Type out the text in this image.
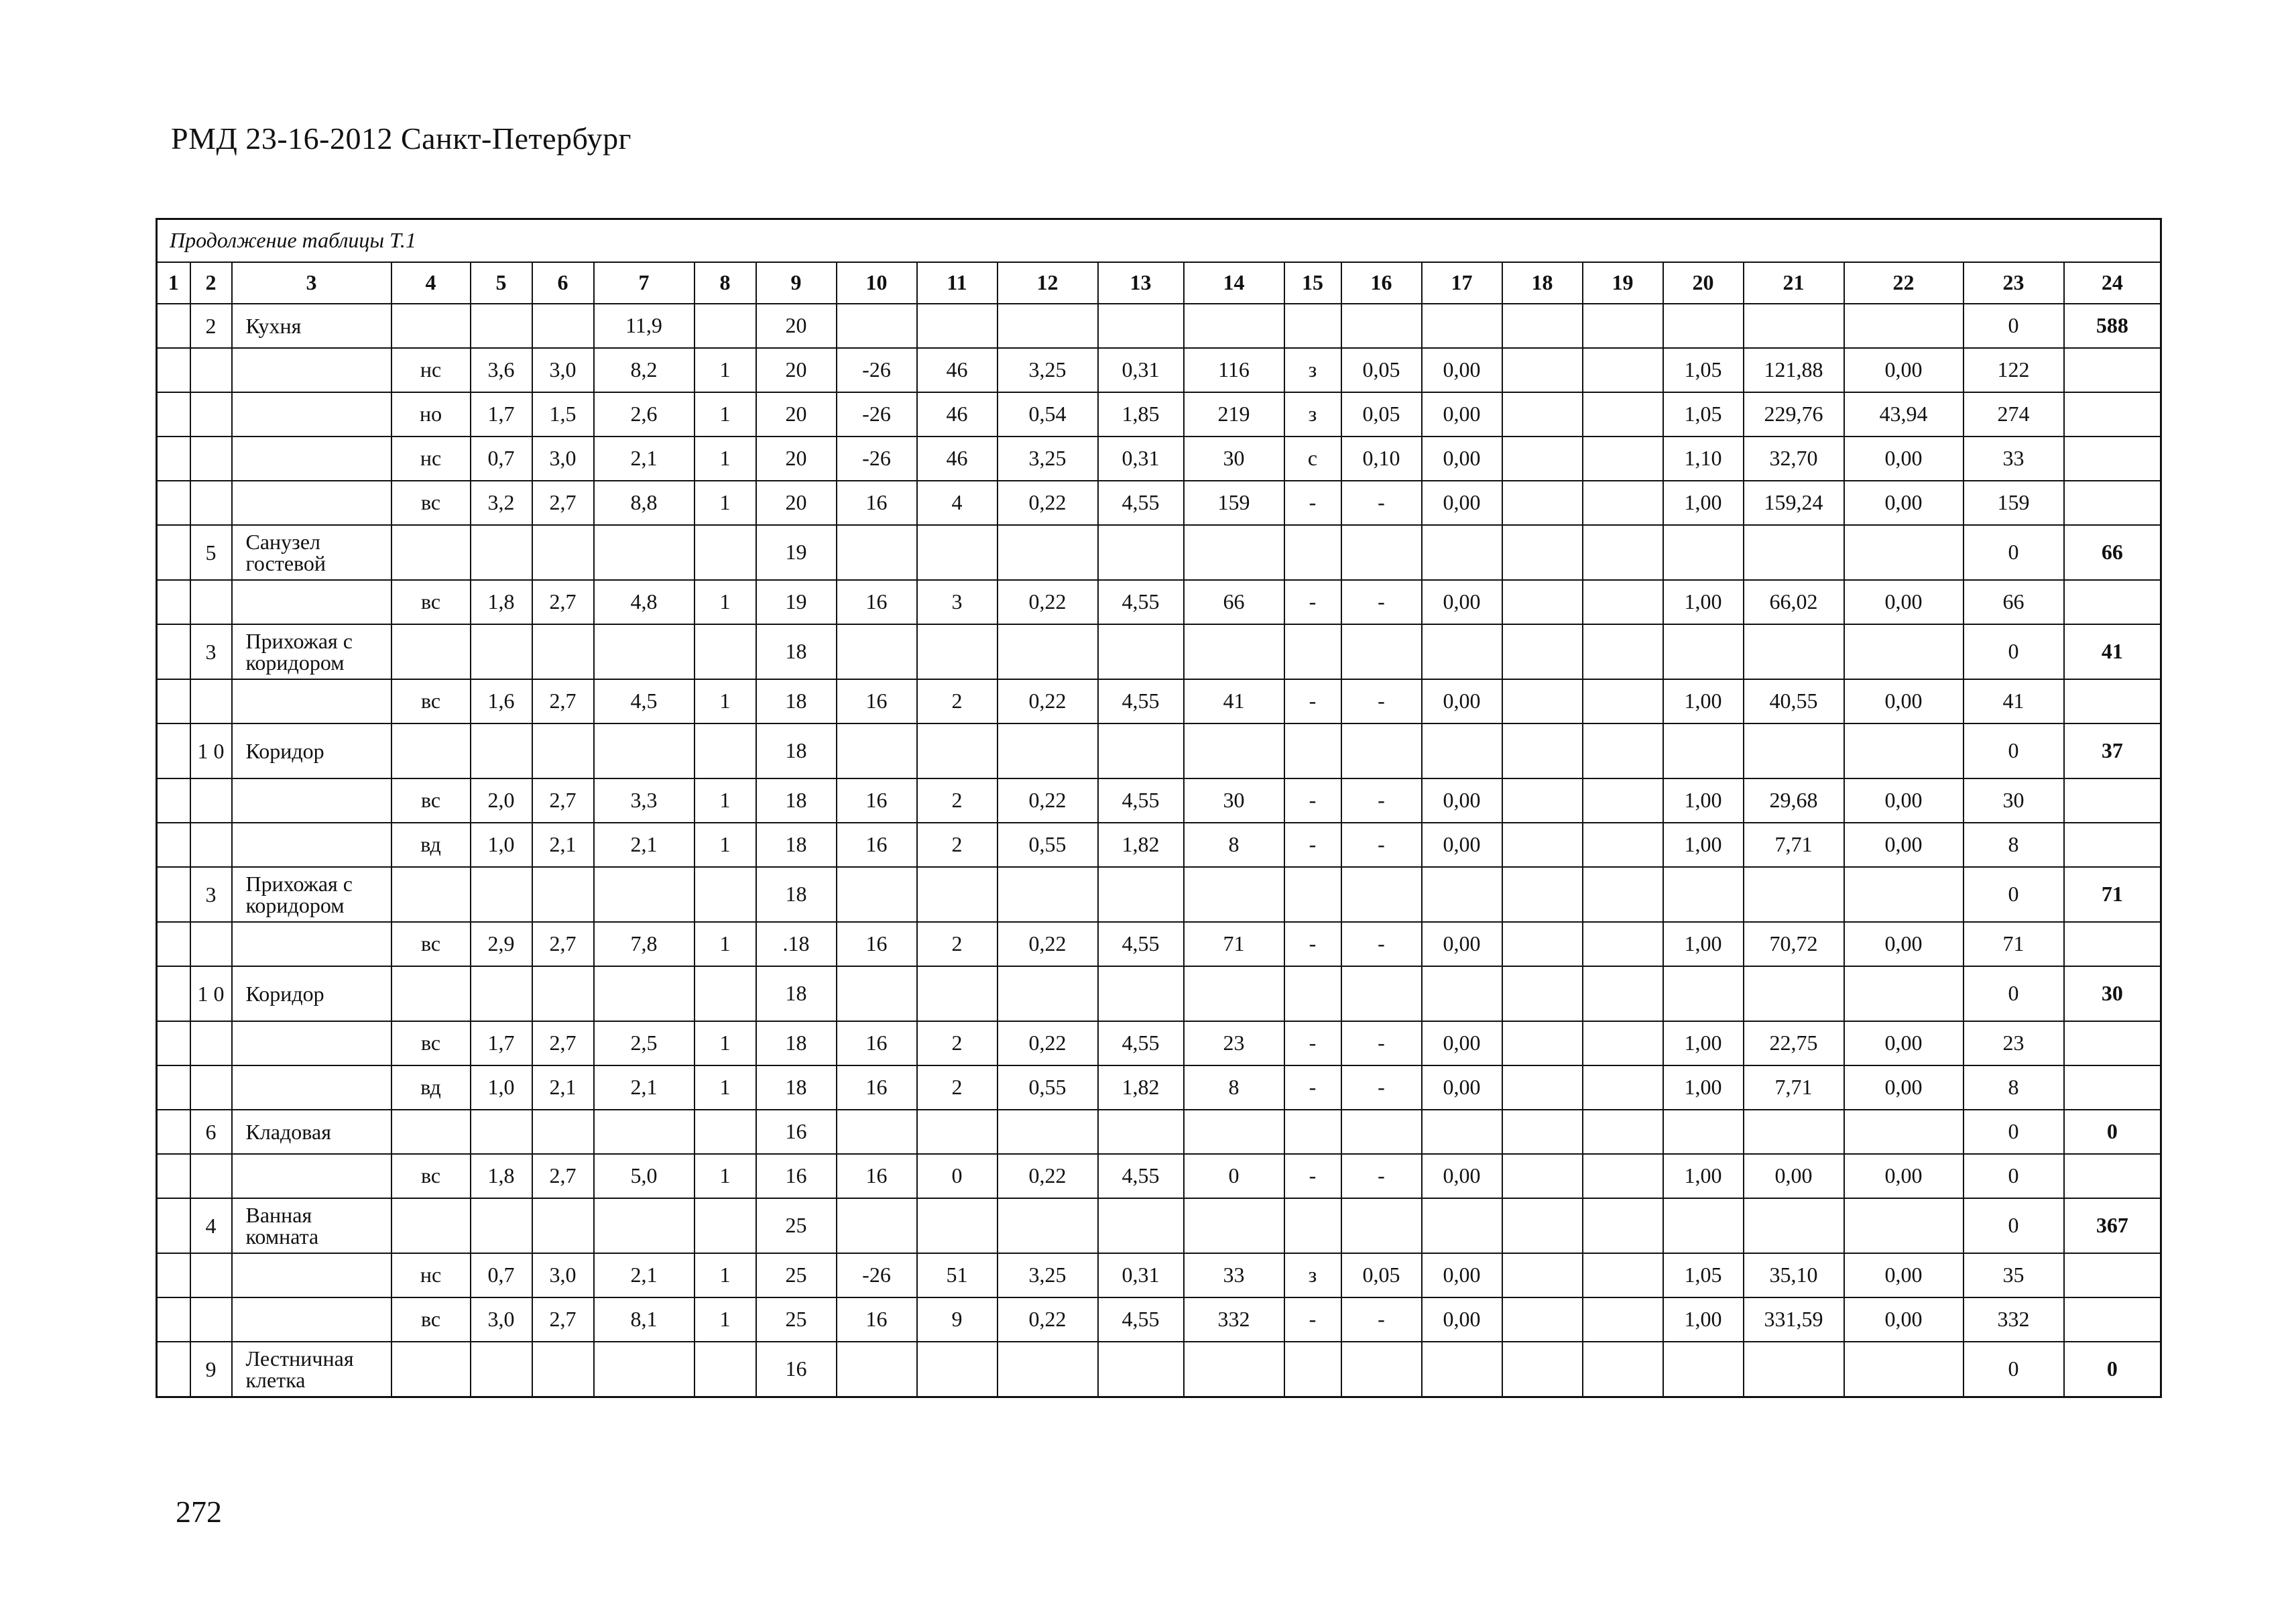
РМД 23-16-2012 Санкт-Петербург
Продолжение таблицы Т.1																							
1	2	3	4	5	6	7	8	9	10	11	12	13	14	15	16	17	18	19	20	21	22	23	24
	2	Кухня				11,9		20														0	588
			нс	3,6	3,0	8,2	1	20	-26	46	3,25	0,31	116	з	0,05	0,00			1,05	121,88	0,00	122	
			но	1,7	1,5	2,6	1	20	-26	46	0,54	1,85	219	з	0,05	0,00			1,05	229,76	43,94	274	
			нс	0,7	3,0	2,1	1	20	-26	46	3,25	0,31	30	с	0,10	0,00			1,10	32,70	0,00	33	
			вс	3,2	2,7	8,8	1	20	16	4	0,22	4,55	159	-	-	0,00			1,00	159,24	0,00	159	
	5	Санузел гостевой						19														0	66
			вс	1,8	2,7	4,8	1	19	16	3	0,22	4,55	66	-	-	0,00			1,00	66,02	0,00	66	
	3	Прихожая с коридором						18														0	41
			вс	1,6	2,7	4,5	1	18	16	2	0,22	4,55	41	-	-	0,00			1,00	40,55	0,00	41	
	1 0	Коридор						18														0	37
			вс	2,0	2,7	3,3	1	18	16	2	0,22	4,55	30	-	-	0,00			1,00	29,68	0,00	30	
			вд	1,0	2,1	2,1	1	18	16	2	0,55	1,82	8	-	-	0,00			1,00	7,71	0,00	8	
	3	Прихожая с коридором						18														0	71
			вс	2,9	2,7	7,8	1	.18	16	2	0,22	4,55	71	-	-	0,00			1,00	70,72	0,00	71	
	1 0	Коридор						18														0	30
			вс	1,7	2,7	2,5	1	18	16	2	0,22	4,55	23	-	-	0,00			1,00	22,75	0,00	23	
			вд	1,0	2,1	2,1	1	18	16	2	0,55	1,82	8	-	-	0,00			1,00	7,71	0,00	8	
	6	Кладовая						16														0	0
			вс	1,8	2,7	5,0	1	16	16	0	0,22	4,55	0	-	-	0,00			1,00	0,00	0,00	0	
	4	Ванная комната						25														0	367
			нс	0,7	3,0	2,1	1	25	-26	51	3,25	0,31	33	з	0,05	0,00			1,05	35,10	0,00	35	
			вс	3,0	2,7	8,1	1	25	16	9	0,22	4,55	332	-	-	0,00			1,00	331,59	0,00	332	
	9	Лестничная клетка						16														0	0
272
